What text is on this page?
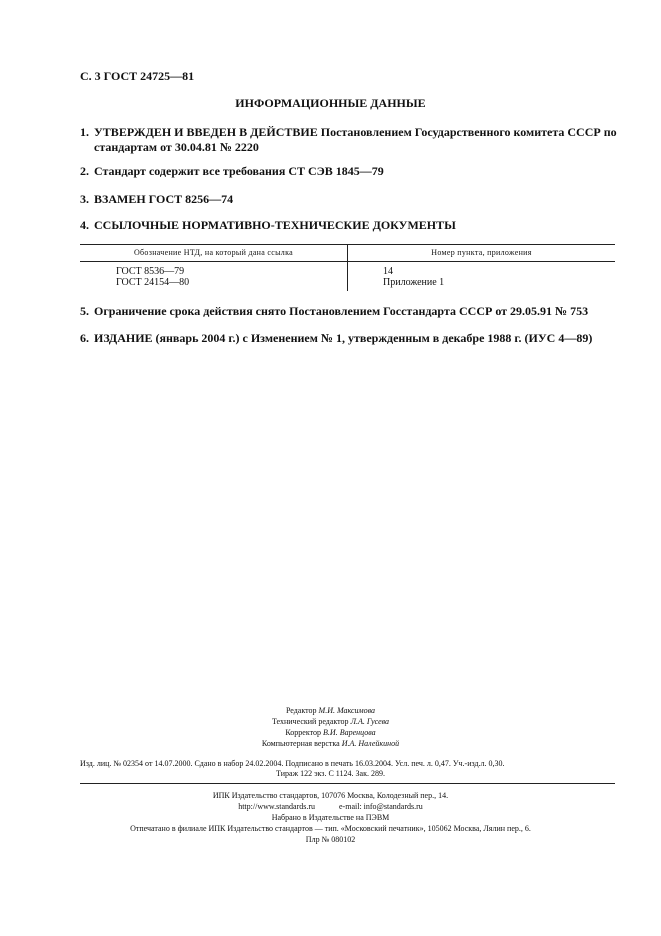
С. 3 ГОСТ 24725—81
ИНФОРМАЦИОННЫЕ ДАННЫЕ
1. УТВЕРЖДЕН И ВВЕДЕН В ДЕЙСТВИЕ Постановлением Государственного комитета СССР по
стандартам от 30.04.81 № 2220
2. Стандарт содержит все требования СТ СЭВ 1845—79
3. ВЗАМЕН ГОСТ 8256—74
4. ССЫЛОЧНЫЕ НОРМАТИВНО-ТЕХНИЧЕСКИЕ ДОКУМЕНТЫ
Обозначение НТД, на который дана ссылка	Номер пункта, приложения
ГОСТ 8536—79
ГОСТ 24154—80
14
Приложение 1
5. Ограничение срока действия снято Постановлением Госстандарта СССР от 29.05.91 № 753
6. ИЗДАНИЕ (январь 2004 г.) с Изменением № 1, утвержденным в декабре 1988 г. (ИУС 4—89)
Редактор М.И. Максимова
Технический редактор Л.А. Гусева
Корректор В.И. Варенцова
Компьютерная верстка И.А. Налейкиной
Изд. лиц. № 02354 от 14.07.2000. Сдано в набор 24.02.2004. Подписано в печать 16.03.2004. Усл. печ. л. 0,47. Уч.-изд.л. 0,30.
Тираж 122 экз. С 1124. Зак. 289.
ИПК Издательство стандартов, 107076 Москва, Колодезный пер., 14.
http://www.standards.ru            e-mail: info@standards.ru
Набрано в Издательстве на ПЭВМ
Отпечатано в филиале ИПК Издательство стандартов — тип. «Московский печатник», 105062 Москва, Лялин пер., 6.
Плр № 080102
